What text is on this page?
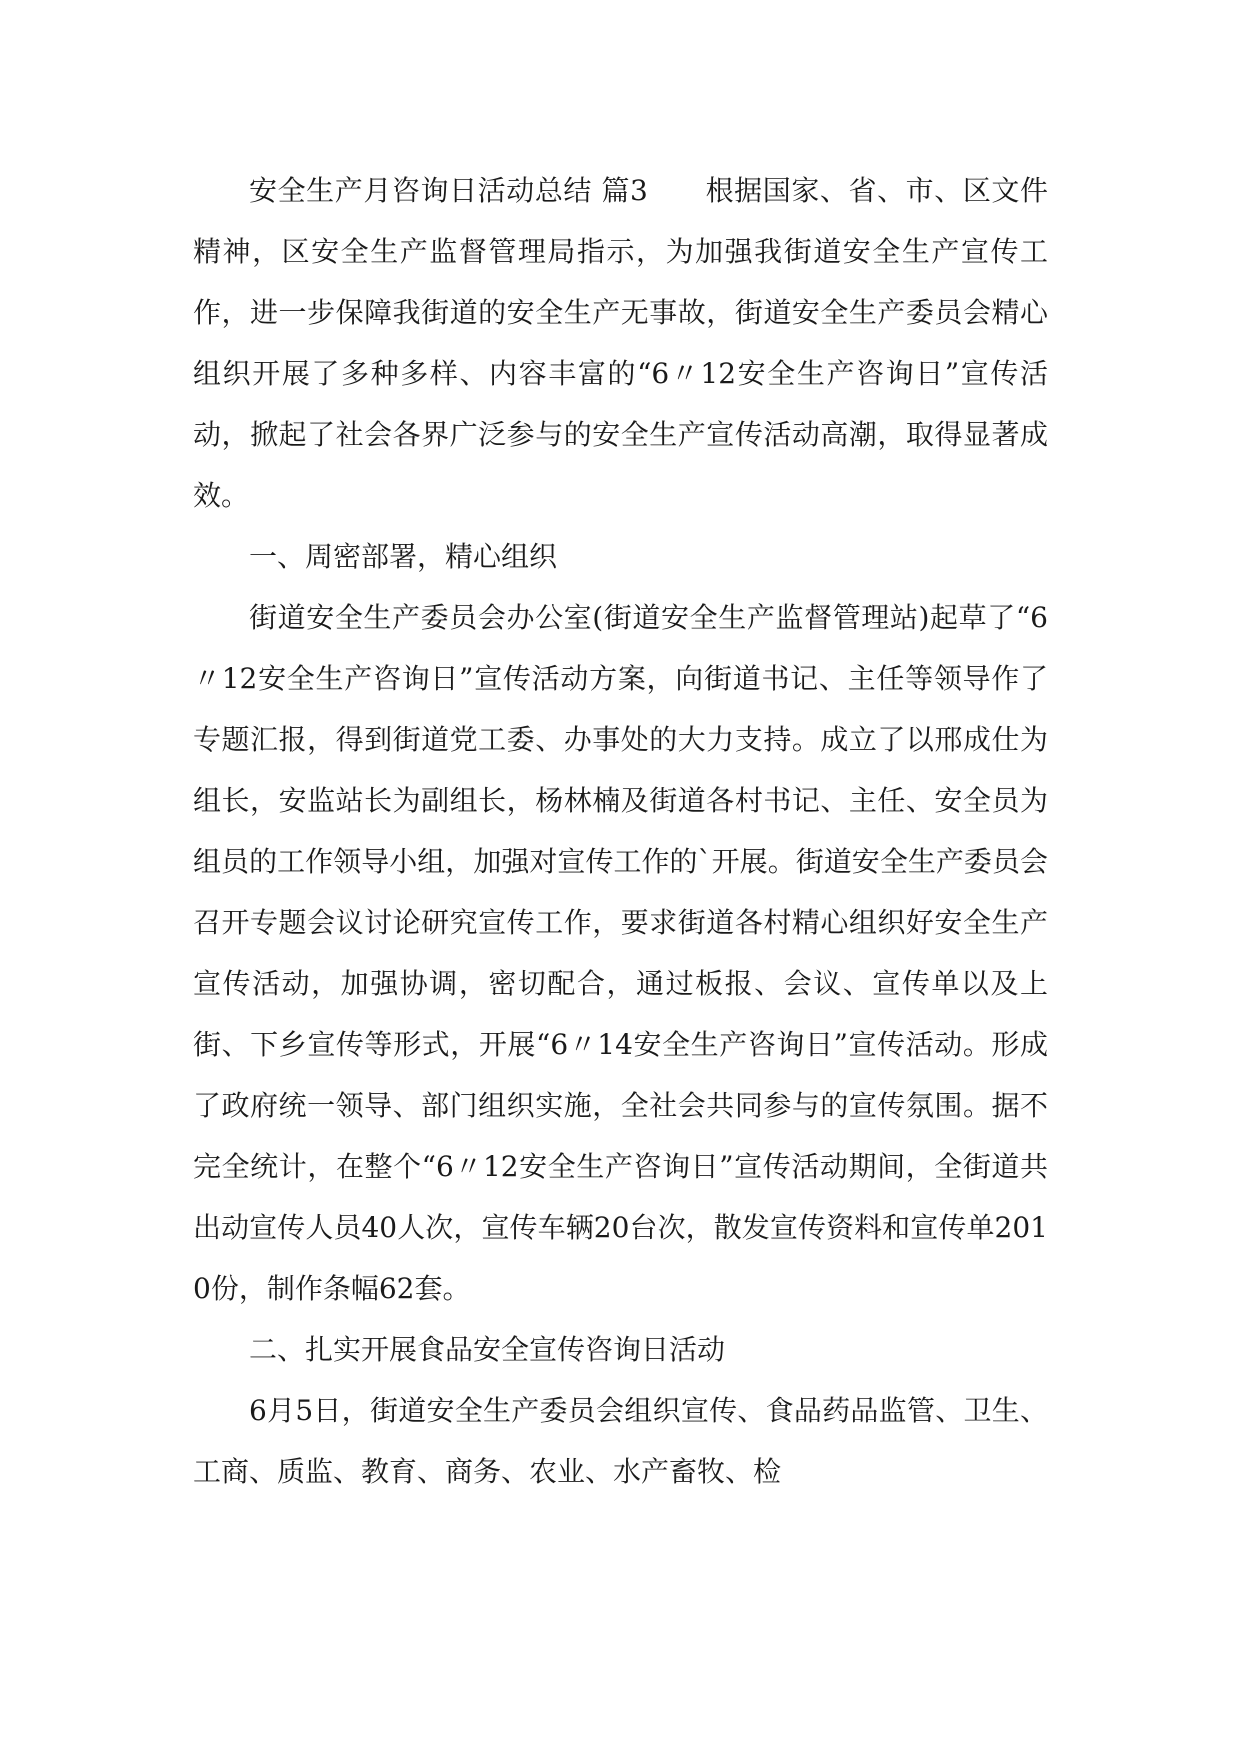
安全生产月咨询日活动总结 篇3　　根据国家、省、市、区文件精神，区安全生产监督管理局指示，为加强我街道安全生产宣传工作，进一步保障我街道的安全生产无事故，街道安全生产委员会精心组织开展了多种多样、内容丰富的“6〃12安全生产咨询日”宣传活动，掀起了社会各界广泛参与的安全生产宣传活动高潮，取得显著成效。

一、周密部署，精心组织

街道安全生产委员会办公室(街道安全生产监督管理站)起草了“6〃12安全生产咨询日”宣传活动方案，向街道书记、主任等领导作了专题汇报，得到街道党工委、办事处的大力支持。成立了以邢成仕为组长，安监站长为副组长，杨林楠及街道各村书记、主任、安全员为组员的工作领导小组，加强对宣传工作的`开展。街道安全生产委员会召开专题会议讨论研究宣传工作，要求街道各村精心组织好安全生产宣传活动，加强协调，密切配合，通过板报、会议、宣传单以及上街、下乡宣传等形式，开展“6〃14安全生产咨询日”宣传活动。形成了政府统一领导、部门组织实施，全社会共同参与的宣传氛围。据不完全统计，在整个“6〃12安全生产咨询日”宣传活动期间，全街道共出动宣传人员40人次，宣传车辆20台次，散发宣传资料和宣传单2010份，制作条幅62套。

二、扎实开展食品安全宣传咨询日活动

6月5日，街道安全生产委员会组织宣传、食品药品监管、卫生、工商、质监、教育、商务、农业、水产畜牧、检
